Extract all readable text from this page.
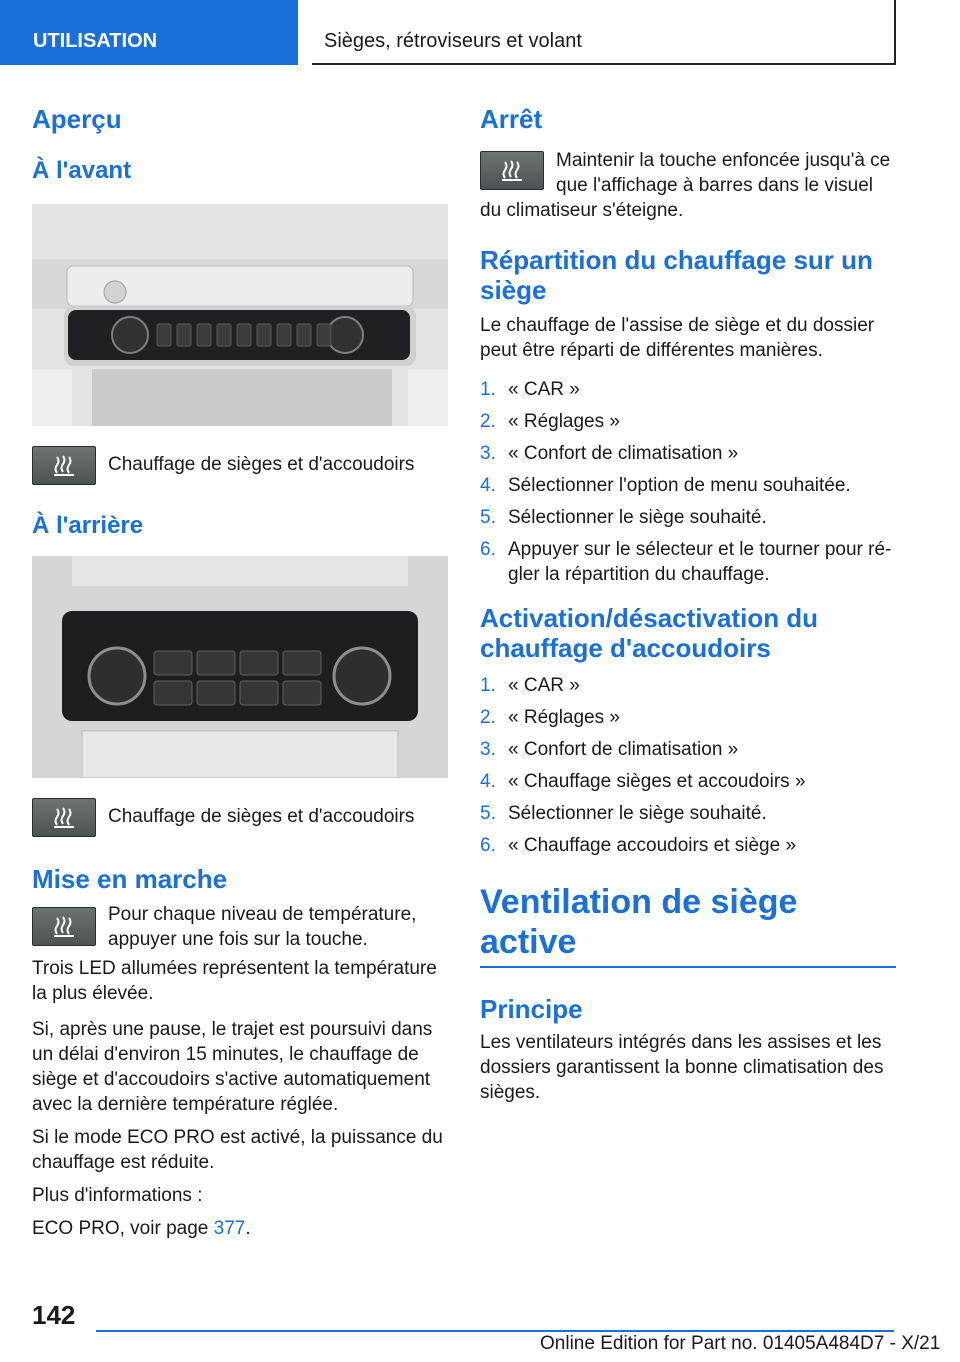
UTILISATION	Sièges, rétroviseurs et volant
Aperçu
À l'avant

Chauffage de sièges et d'accoudoirs

À l'arrière

Chauffage de sièges et d'accoudoirs

Mise en marche

Pour chaque niveau de température, appuyer une fois sur la touche.

Trois LED allumées représentent la température la plus élevée.

Si, après une pause, le trajet est poursuivi dans un délai d'environ 15 minutes, le chauffage de siège et d'accoudoirs s'active automatiquement avec la dernière température réglée.

Si le mode ECO PRO est activé, la puissance du chauffage est réduite.

Plus d'informations :

ECO PRO, voir page 377.

Arrêt

Maintenir la touche enfoncée jusqu'à ce que l'affichage à barres dans le visuel du climatiseur s'éteigne.

Répartition du chauffage sur un siège

Le chauffage de l'assise de siège et du dossier peut être réparti de différentes manières.

1. « CAR »
2. « Réglages »
3. « Confort de climatisation »
4. Sélectionner l'option de menu souhaitée.
5. Sélectionner le siège souhaité.
6. Appuyer sur le sélecteur et le tourner pour régler la répartition du chauffage.
Activation/désactivation du chauffage d'accoudoirs
1. « CAR »
2. « Réglages »
3. « Confort de climatisation »
4. « Chauffage sièges et accoudoirs »
5. Sélectionner le siège souhaité.
6. « Chauffage accoudoirs et siège »
Ventilation de siège active
Principe

Les ventilateurs intégrés dans les assises et les dossiers garantissent la bonne climatisation des sièges.

142
Online Edition for Part no. 01405A484D7 - X/21
